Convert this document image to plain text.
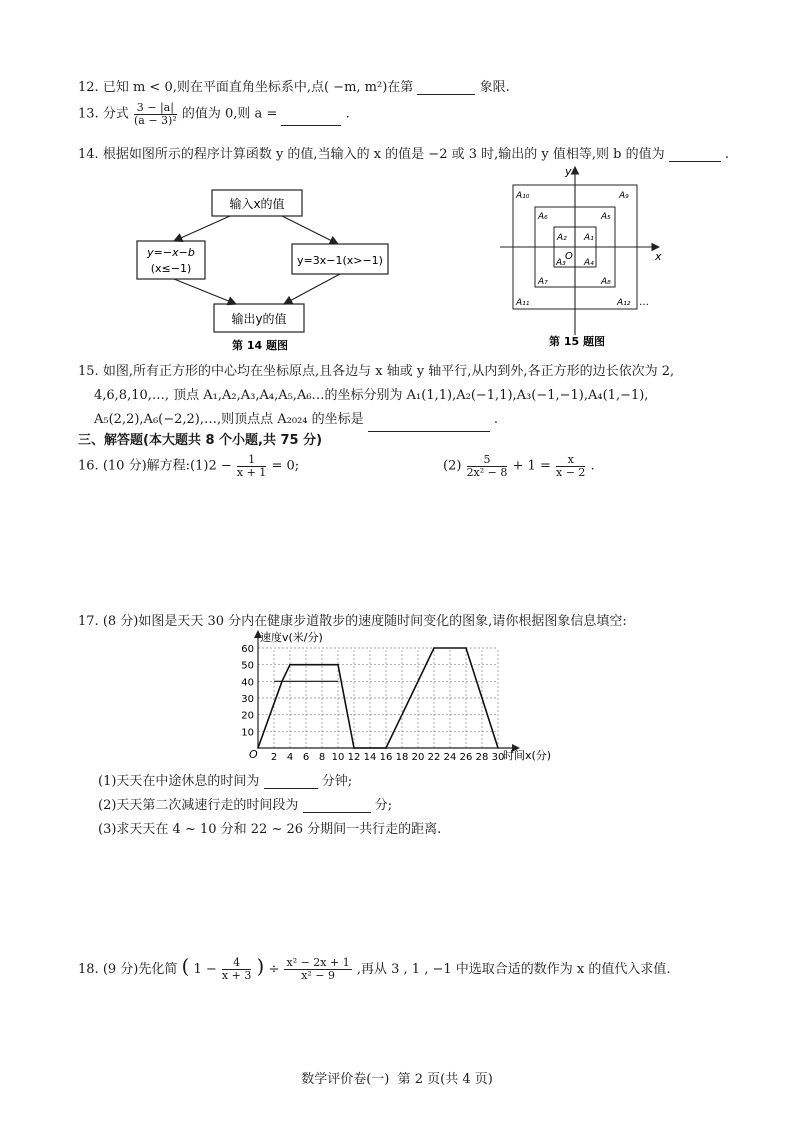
12. 已知 m < 0,则在平面直角坐标系中,点( −m, m²)在第	象限.
13. 分式 $\frac{3 - |a|}{\text{(a − 3)²}}$ 的值为 0,则 a =	.
14. 根据如图所示的程序计算函数 y 的值,当输入的 x 的值是 −2 或 3 时,输出的 y 值相等,则 b 的值为	.
输入x的值
y=−x−b
(x≤−1)
y=3x−1(x>−1)
输出y的值
第 14 题图
y
x
O
A₁₀	A₉
A₆	A₅
A₂ A₁
A₃ A₄
A₇	A₈
A₁₁	A₁₂ …
第 15 题图
15. 如图,所有正方形的中心均在坐标原点,且各边与 x 轴或 y 轴平行,从内到外,各正方形的边长依次为 2,
4,6,8,10,…, 顶点 A₁,A₂,A₃,A₄,A₅,A₆…的坐标分别为 A₁(1,1),A₂(−1,1),A₃(−1,−1),A₄(1,−1),
A₅(2,2),A₆(−2,2),…,则顶点点 A₂₀₂₄ 的坐标是	.
三、解答题(本大题共 8 个小题,共 75 分)
16. (10 分)解方程:(1)2 − $\frac{1}{x + 1} = 0$;	$(2) \frac{5}{\text{2x² − 8}} + 1 = \frac{x}{x - 2}$ .
17. (8 分)如图是天天 30 分内在健康步道散步的速度随时间变化的图象,请你根据图象信息填空:
速度v(米/分)
时间x(分)
O 2 4 6 8 10 12 14 16 18 20 22 24 26 28 30
10
20
30
40
50
60
(1)天天在中途休息的时间为	分钟;
(2)天天第二次减速行走的时间段为	分;
(3)求天天在 4 ~ 10 分和 22 ~ 26 分期间一共行走的距离.
18. (9 分)先化简 ( $1 - \frac{4}{x + 3}$ ) ÷ $\frac{\text{x² − 2x + 1}}{\text{x² − 9}}$ ,再从 3 , 1 , −1 中选取合适的数作为 x 的值代入求值.
数学评价卷(一)  第 2 页(共 4 页)
